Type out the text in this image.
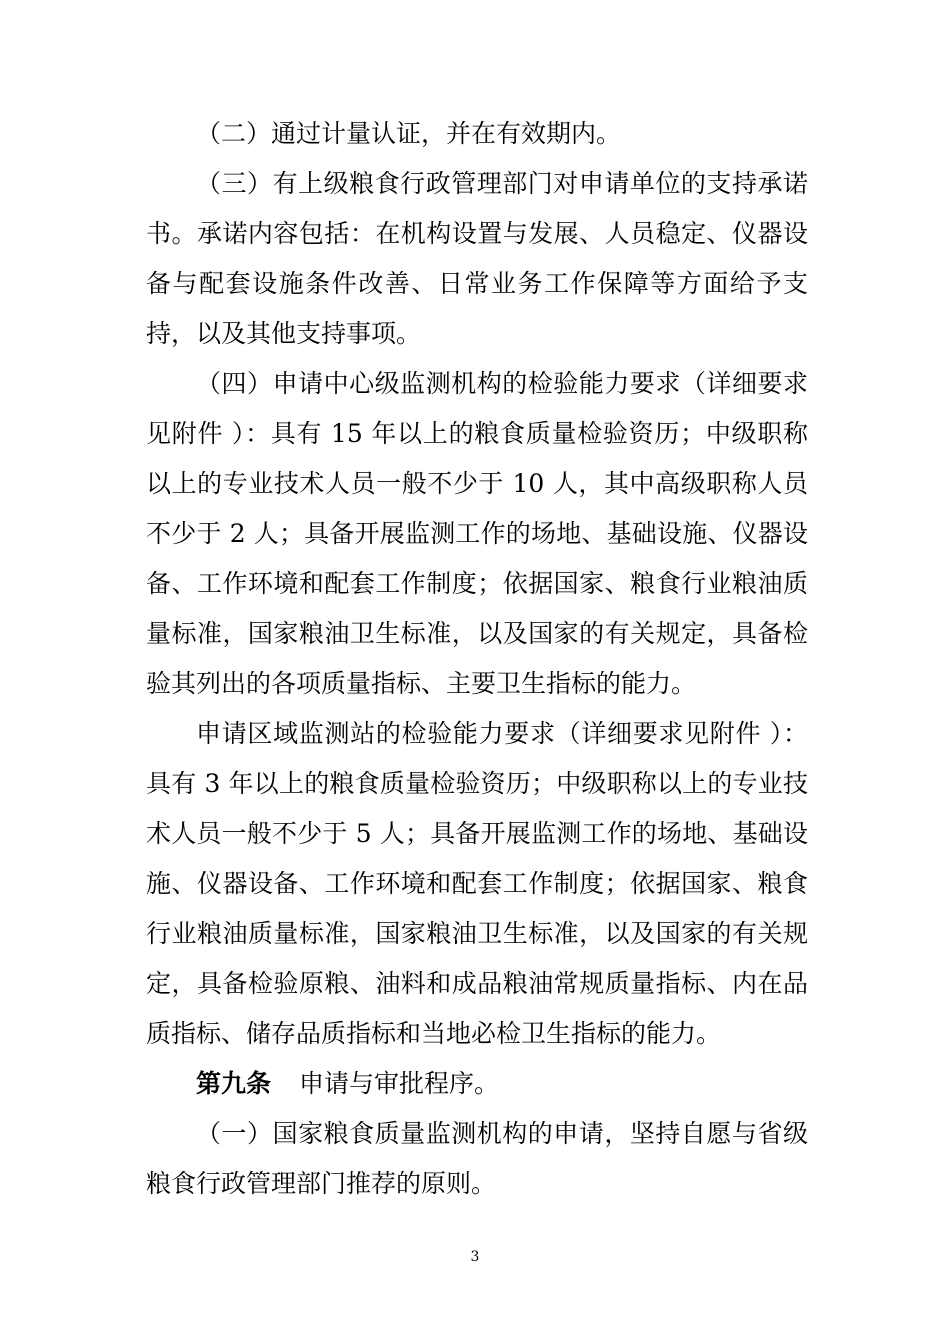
（二）通过计量认证，并在有效期内。
（三）有上级粮食行政管理部门对申请单位的支持承诺
书。承诺内容包括：在机构设置与发展、人员稳定、仪器设
备与配套设施条件改善、日常业务工作保障等方面给予支
持，以及其他支持事项。
（四）申请中心级监测机构的检验能力要求（详细要求
见附件 ）：具有 15 年以上的粮食质量检验资历；中级职称
以上的专业技术人员一般不少于 10 人，其中高级职称人员
不少于 2 人；具备开展监测工作的场地、基础设施、仪器设
备、工作环境和配套工作制度；依据国家、粮食行业粮油质
量标准，国家粮油卫生标准，以及国家的有关规定，具备检
验其列出的各项质量指标、主要卫生指标的能力。
申请区域监测站的检验能力要求（详细要求见附件 ）：
具有 3 年以上的粮食质量检验资历；中级职称以上的专业技
术人员一般不少于 5 人；具备开展监测工作的场地、基础设
施、仪器设备、工作环境和配套工作制度；依据国家、粮食
行业粮油质量标准，国家粮油卫生标准，以及国家的有关规
定，具备检验原粮、油料和成品粮油常规质量指标、内在品
质指标、储存品质指标和当地必检卫生指标的能力。
第九条 申请与审批程序。
（一）国家粮食质量监测机构的申请，坚持自愿与省级
粮食行政管理部门推荐的原则。
3
